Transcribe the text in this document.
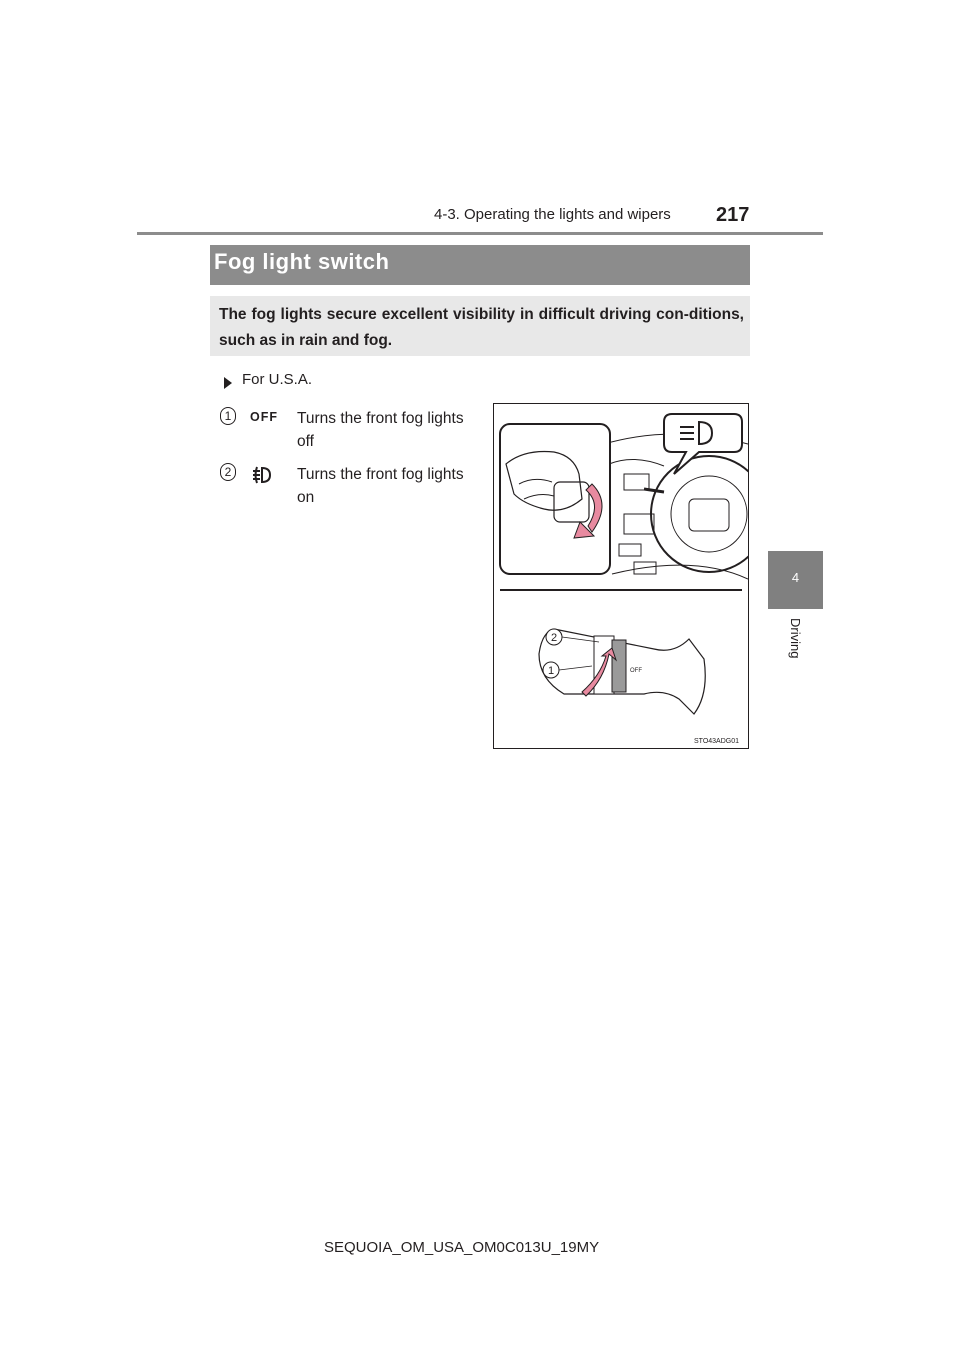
4-3. Operating the lights and wipers 217
4
Driving
Fog light switch
The fog lights secure excellent visibility in difficult driving con-ditions, such as in rain and fog.
For U.S.A.
1	OFF Turns the front fog lights off
2	Turns the front fog lights on
OFF
2
1
STO43ADG01
SEQUOIA_OM_USA_OM0C013U_19MY
